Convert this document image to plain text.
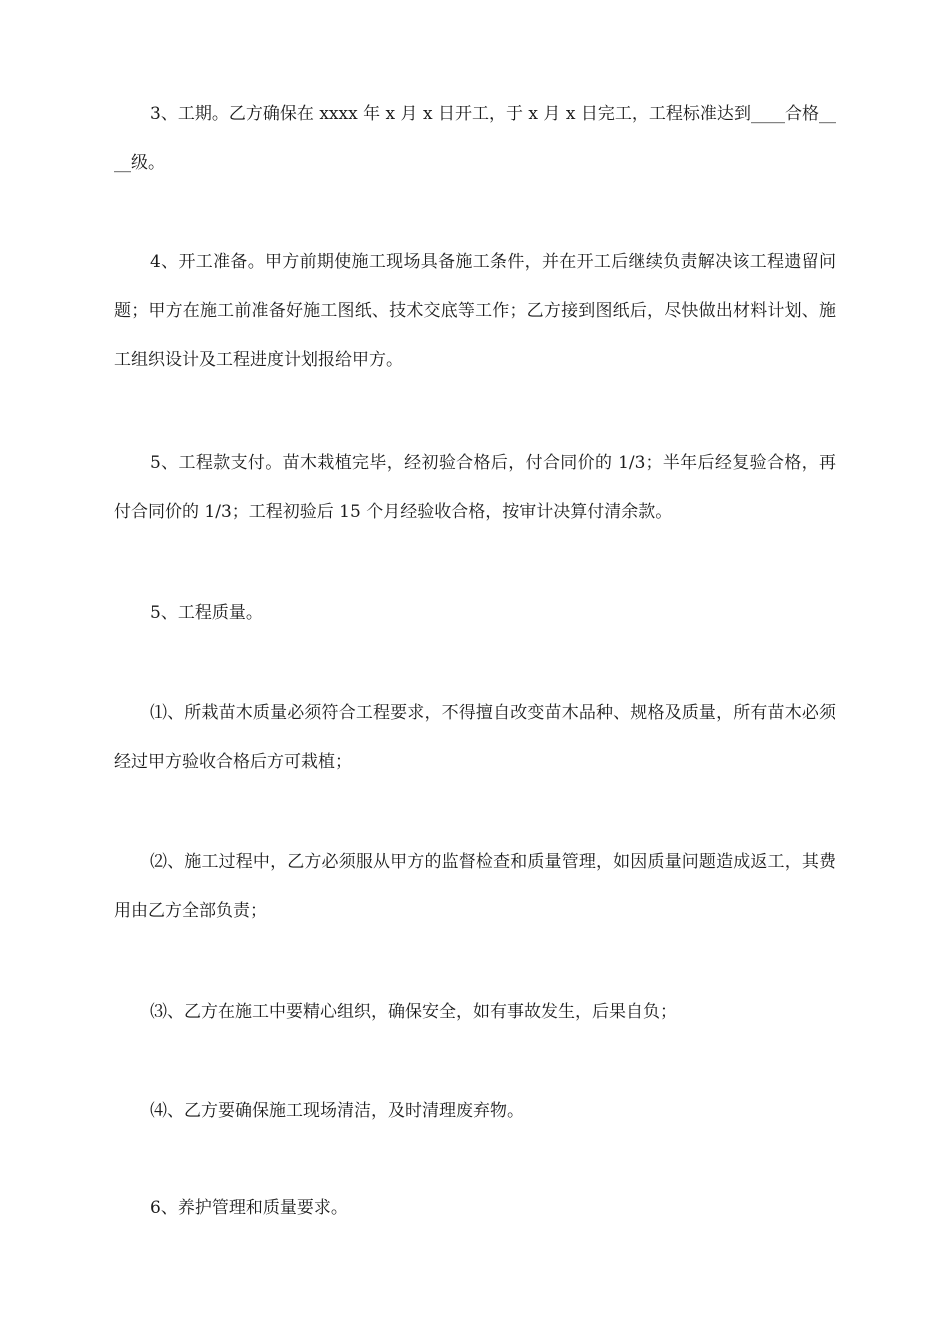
3、工期。乙方确保在 xxxx 年 x 月 x 日开工，于 x 月 x 日完工，工程标准达到____合格____级。

4、开工准备。甲方前期使施工现场具备施工条件，并在开工后继续负责解决该工程遗留问题；甲方在施工前准备好施工图纸、技术交底等工作；乙方接到图纸后，尽快做出材料计划、施工组织设计及工程进度计划报给甲方。

5、工程款支付。苗木栽植完毕，经初验合格后，付合同价的 1/3；半年后经复验合格，再付合同价的 1/3；工程初验后 15 个月经验收合格，按审计决算付清余款。

5、工程质量。

⑴、所栽苗木质量必须符合工程要求，不得擅自改变苗木品种、规格及质量，所有苗木必须经过甲方验收合格后方可栽植；

⑵、施工过程中，乙方必须服从甲方的监督检查和质量管理，如因质量问题造成返工，其费用由乙方全部负责；

⑶、乙方在施工中要精心组织，确保安全，如有事故发生，后果自负；

⑷、乙方要确保施工现场清洁，及时清理废弃物。

6、养护管理和质量要求。
